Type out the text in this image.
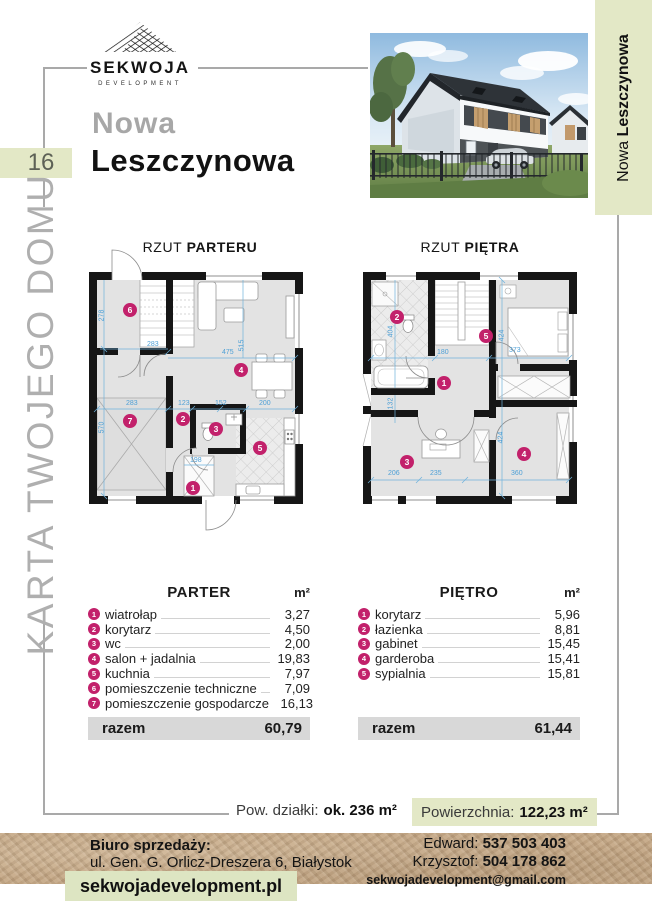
SEKWOJA
DEVELOPMENT
16
Nowa
Leszczynowa
KARTA TWOJEGO DOMU
Nowa Leszczynowa
RZUT PARTERU	RZUT PIĘTRA
1
2
3
4
5
6
7
1
2
3
4
5
278
283
475
515
283	123	152	200
570
198
404
180	373
424
424
132
206	235	360
PARTER	m²
1 wiatrołap	3,27
2 korytarz	4,50
3 wc	2,00
4 salon + jadalnia	19,83
5 kuchnia	7,97
6 pomieszczenie techniczne	7,09
7 pomieszczenie gospodarcze 16,13
razem	60,79
PIĘTRO	m²
1 korytarz	5,96
2 łazienka	8,81
3 gabinet	15,45
4 garderoba	15,41
5 sypialnia	15,81
razem	61,44
Pow. działki: ok. 236 m² Powierzchnia: 122,23 m²
Biuro sprzedaży:
ul. Gen. G. Orlicz-Dreszera 6, Białystok
sekwojadevelopment.pl
Edward: 537 503 403
Krzysztof: 504 178 862
sekwojadevelopment@gmail.com
